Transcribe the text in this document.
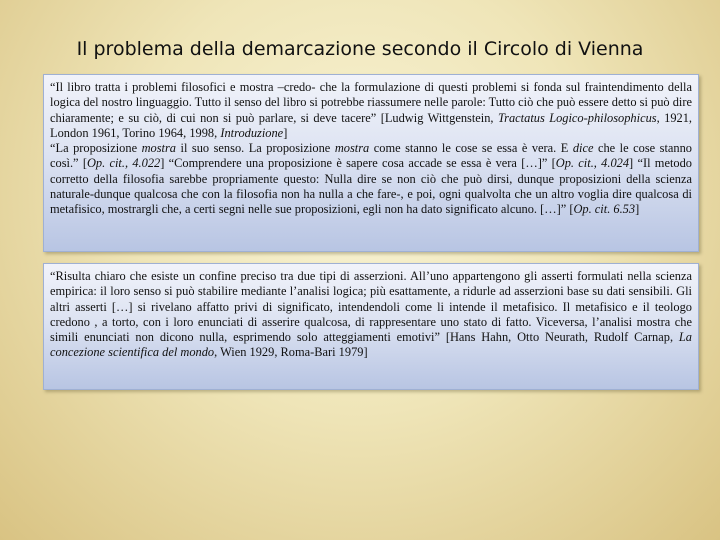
Il problema della demarcazione secondo il Circolo di Vienna

“Il libro tratta i problemi filosofici e mostra –credo- che la formulazione di questi problemi si fonda sul fraintendimento della logica del nostro linguaggio. Tutto il senso del libro si potrebbe riassumere nelle parole: Tutto ciò che può essere detto si può dire chiaramente; e su ciò, di cui non si può parlare, si deve tacere” [Ludwig Wittgenstein, Tractatus Logico-philosophicus, 1921, London 1961, Torino 1964, 1998, Introduzione]

“La proposizione mostra il suo senso. La proposizione mostra come stanno le cose se essa è vera. E dice che le cose stanno così.” [Op. cit., 4.022] “Comprendere una proposizione è sapere cosa accade se essa è vera […]” [Op. cit., 4.024] “Il metodo corretto della filosofia sarebbe propriamente questo: Nulla dire se non ciò che può dirsi, dunque proposizioni della scienza naturale-dunque qualcosa che con la filosofia non ha nulla a che fare-, e poi, ogni qualvolta che un altro voglia dire qualcosa di metafisico, mostrargli che, a certi segni nelle sue proposizioni, egli non ha dato significato alcuno. […]” [Op. cit. 6.53]

“Risulta chiaro che esiste un confine preciso tra due tipi di asserzioni. All’uno appartengono gli asserti formulati nella scienza empirica: il loro senso si può stabilire mediante l’analisi logica; più esattamente, a ridurle ad asserzioni base su dati sensibili. Gli altri asserti […] si rivelano affatto privi di significato, intendendoli come li intende il metafisico. Il metafisico e il teologo credono , a torto, con i loro enunciati di asserire qualcosa, di rappresentare uno stato di fatto. Viceversa, l’analisi mostra che simili enunciati non dicono nulla, esprimendo solo atteggiamenti emotivi” [Hans Hahn, Otto Neurath, Rudolf Carnap, La concezione scientifica del mondo, Wien 1929, Roma-Bari 1979]
